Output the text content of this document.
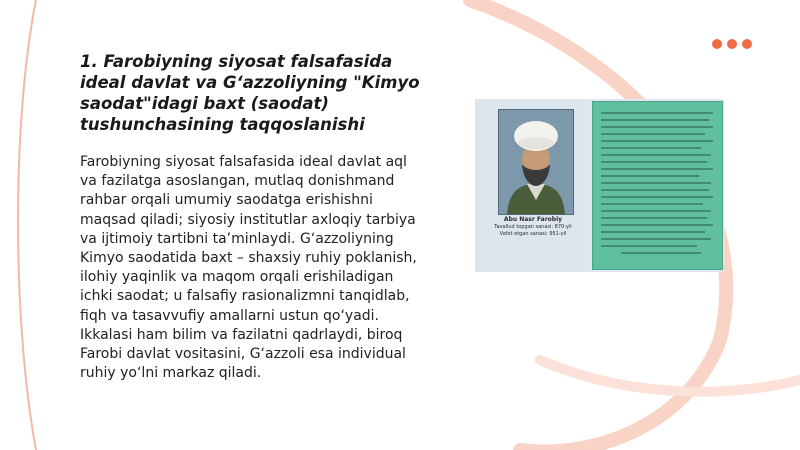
1. Farobiyning siyosat falsafasida ideal davlat va G‘azzoliyning "Kimyo saodat"idagi baxt (saodat) tushunchasining taqqoslanishi

Farobiyning siyosat falsafasida ideal davlat aql va fazilatga asoslangan, mutlaq donishmand rahbar orqali umumiy saodatga erishishni maqsad qiladi; siyosiy institutlar axloqiy tarbiya va ijtimoiy tartibni ta’minlaydi. G‘azzoliyning Kimyo saodatida baxt – shaxsiy ruhiy poklanish, ilohiy yaqinlik va maqom orqali erishiladigan ichki saodat; u falsafiy rasionalizmni tanqidlab, fiqh va tasavvufiy amallarni ustun qo‘yadi. Ikkalasi ham bilim va fazilatni qadrlaydi, biroq Farobi davlat vositasini, G‘azzoli esa individual ruhiy yo‘lni markaz qiladi.

Abu Nasr Farobiy
Tavallud topgan sanasi: 870-yil
Vafot etgan sanasi: 951-yil
